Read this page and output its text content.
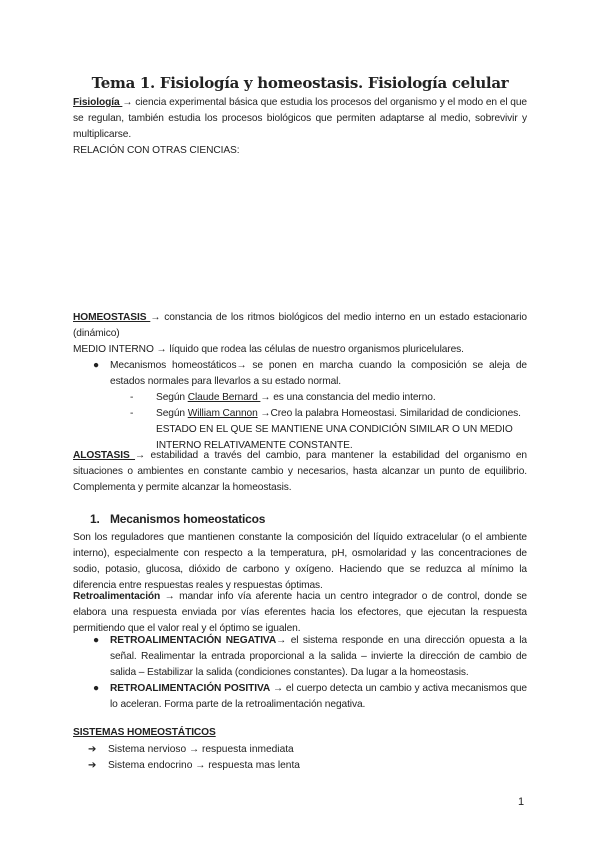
Tema 1. Fisiología y homeostasis. Fisiología celular

Fisiología → ciencia experimental básica que estudia los procesos del organismo y el modo en el que se regulan, también estudia los procesos biológicos que permiten adaptarse al medio, sobrevivir y multiplicarse.

RELACIÓN CON OTRAS CIENCIAS:

HOMEOSTASIS → constancia de los ritmos biológicos del medio interno en un estado estacionario (dinámico)

MEDIO INTERNO → líquido que rodea las células de nuestro organismos pluricelulares.

● Mecanismos homeostáticos→ se ponen en marcha cuando la composición se aleja de estados normales para llevarlos a su estado normal.
- Según Claude Bernard → es una constancia del medio interno.
- Según William Cannon →Creo la palabra Homeostasi. Similaridad de condiciones. ESTADO EN EL QUE SE MANTIENE UNA CONDICIÓN SIMILAR O UN MEDIO INTERNO RELATIVAMENTE CONSTANTE.

ALOSTASIS → estabilidad a través del cambio, para mantener la estabilidad del organismo en situaciones o ambientes en constante cambio y necesarios, hasta alcanzar un punto de equilibrio. Complementa y permite alcanzar la homeostasis.

1. Mecanismos homeostaticos

Son los reguladores que mantienen constante la composición del líquido extracelular (o el ambiente interno), especialmente con respecto a la temperatura, pH, osmolaridad y las concentraciones de sodio, potasio, glucosa, dióxido de carbono y oxígeno. Haciendo que se reduzca al mínimo la diferencia entre respuestas reales y respuestas óptimas.

Retroalimentación → mandar info vía aferente hacia un centro integrador o de control, donde se elabora una respuesta enviada por vías eferentes hacia los efectores, que ejecutan la respuesta permitiendo que el valor real y el óptimo se igualen.

● RETROALIMENTACIÓN NEGATIVA→ el sistema responde en una dirección opuesta a la señal. Realimentar la entrada proporcional a la salida – invierte la dirección de cambio de salida – Estabilizar la salida (condiciones constantes). Da lugar a la homeostasis.
● RETROALIMENTACIÓN POSITIVA → el cuerpo detecta un cambio y activa mecanismos que lo aceleran. Forma parte de la retroalimentación negativa.

SISTEMAS HOMEOSTÁTICOS

➔ Sistema nervioso → respuesta inmediata
➔ Sistema endocrino → respuesta mas lenta
1
